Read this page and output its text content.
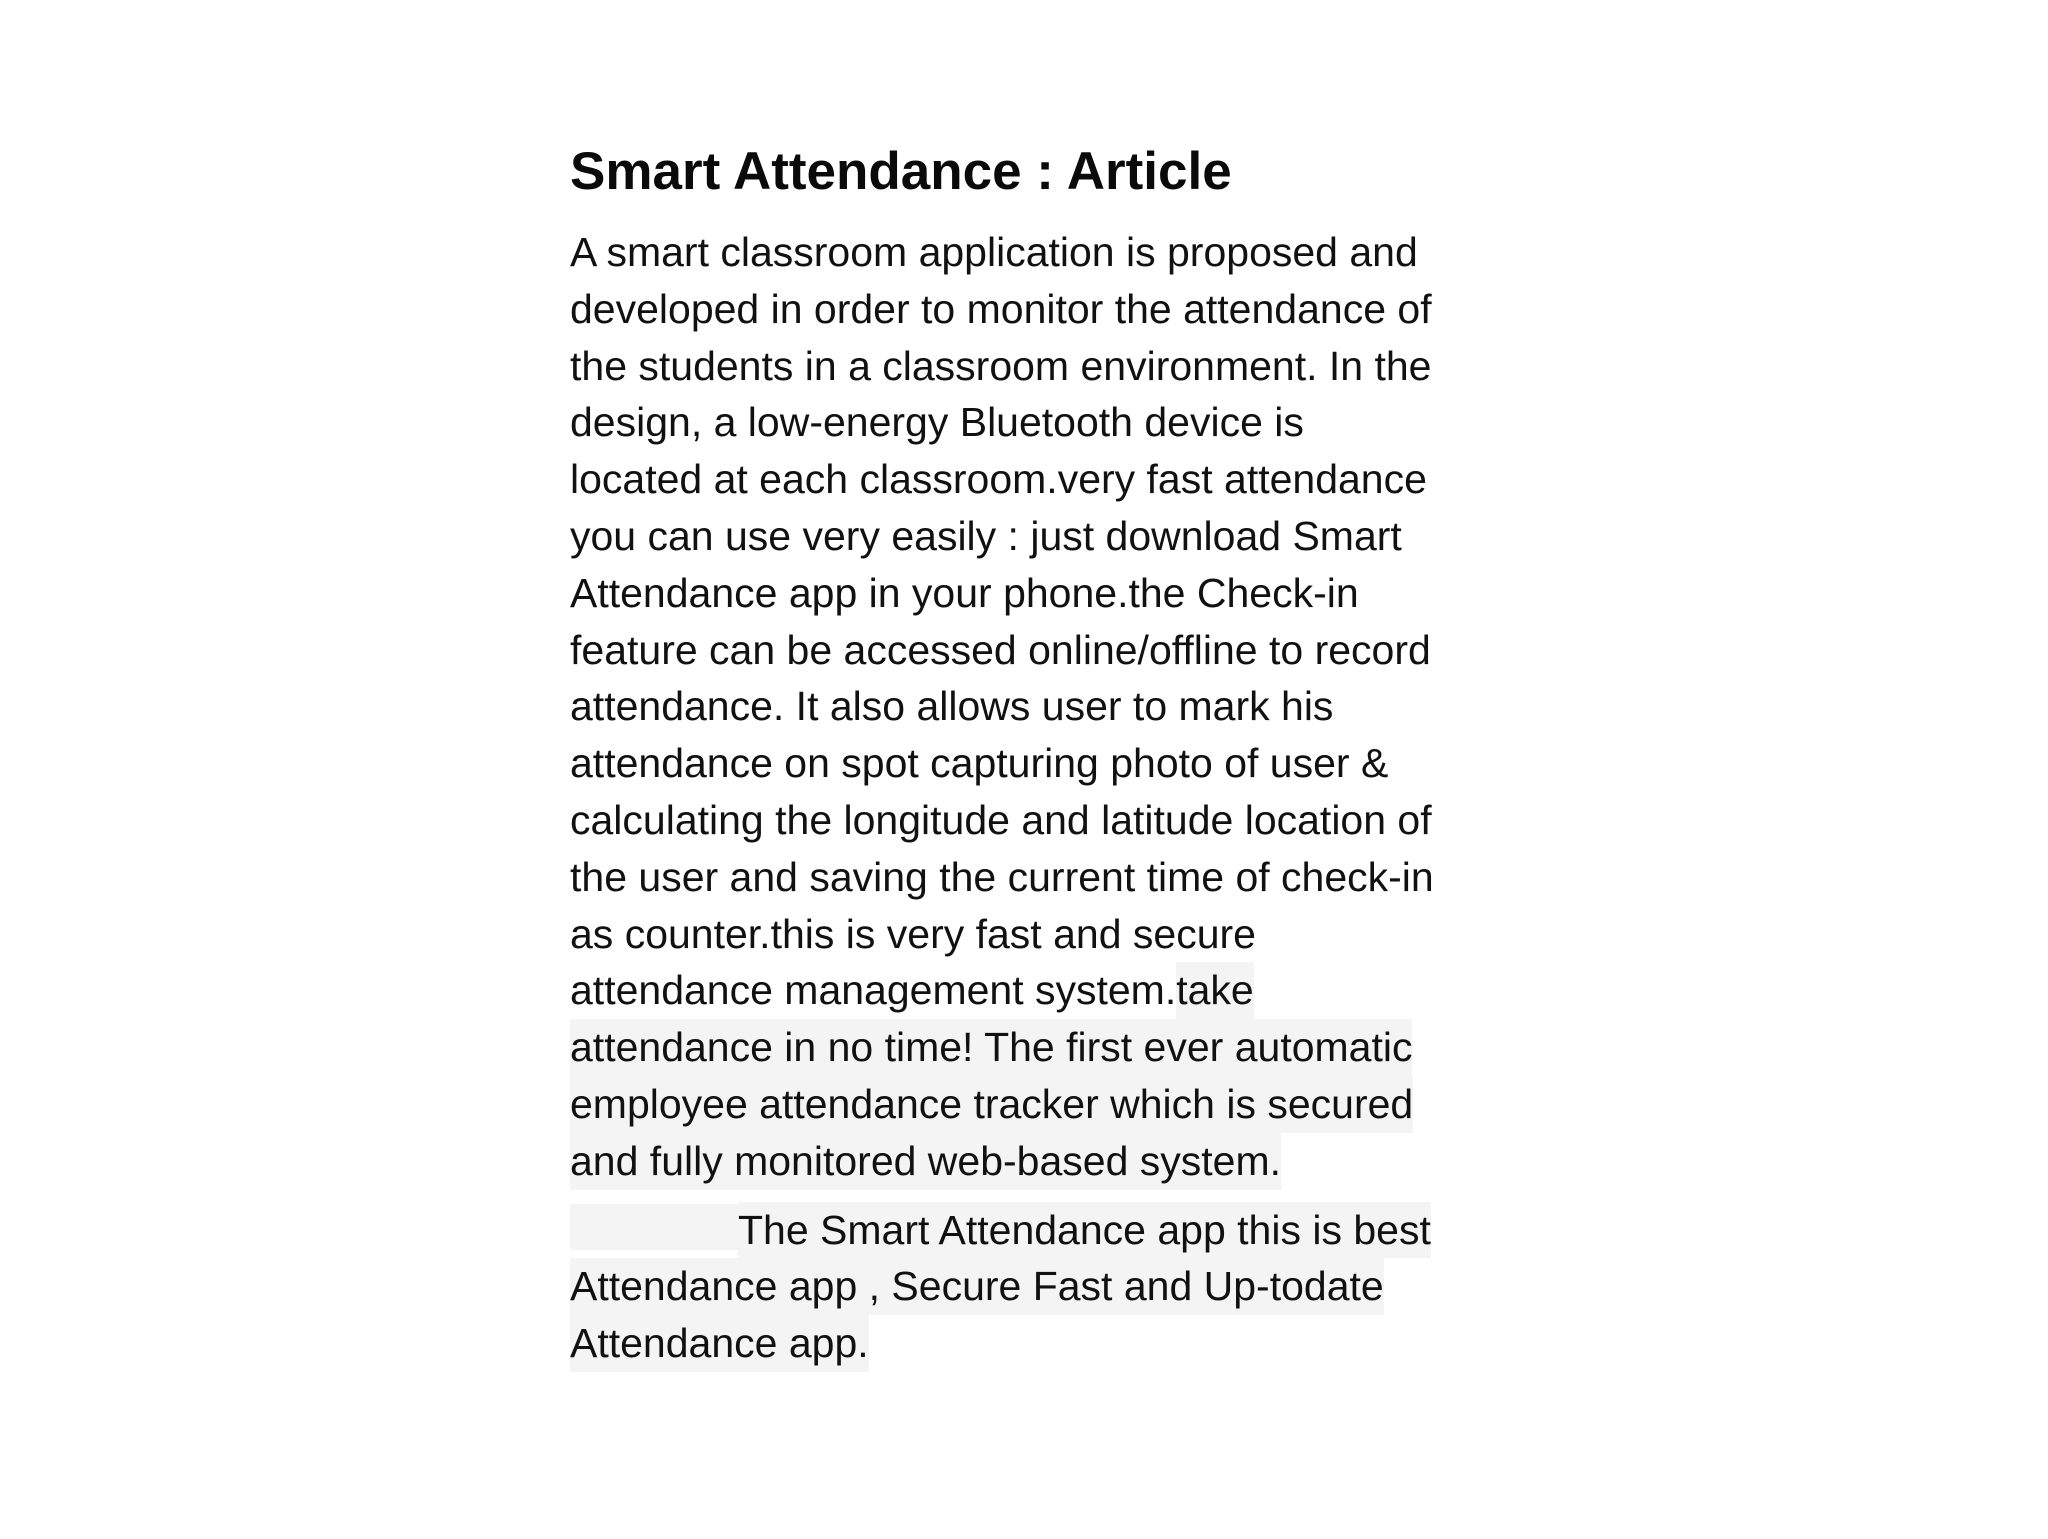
Smart Attendance : Article
A smart classroom application is proposed and
developed in order to monitor the attendance of
the students in a classroom environment. In the
design, a low-energy Bluetooth device is
located at each classroom.very fast attendance
you can use very easily : just download Smart
Attendance app in your phone.the Check-in
feature can be accessed online/offline to record
attendance. It also allows user to mark his
attendance on spot capturing photo of user &
calculating the longitude and latitude location of
the user and saving the current time of check-in
as counter.this is very fast and secure
attendance management system.take
attendance in no time! The first ever automatic
employee attendance tracker which is secured
and fully monitored web-based system.
The Smart Attendance app this is best
Attendance app , Secure Fast and Up-todate
Attendance app.
